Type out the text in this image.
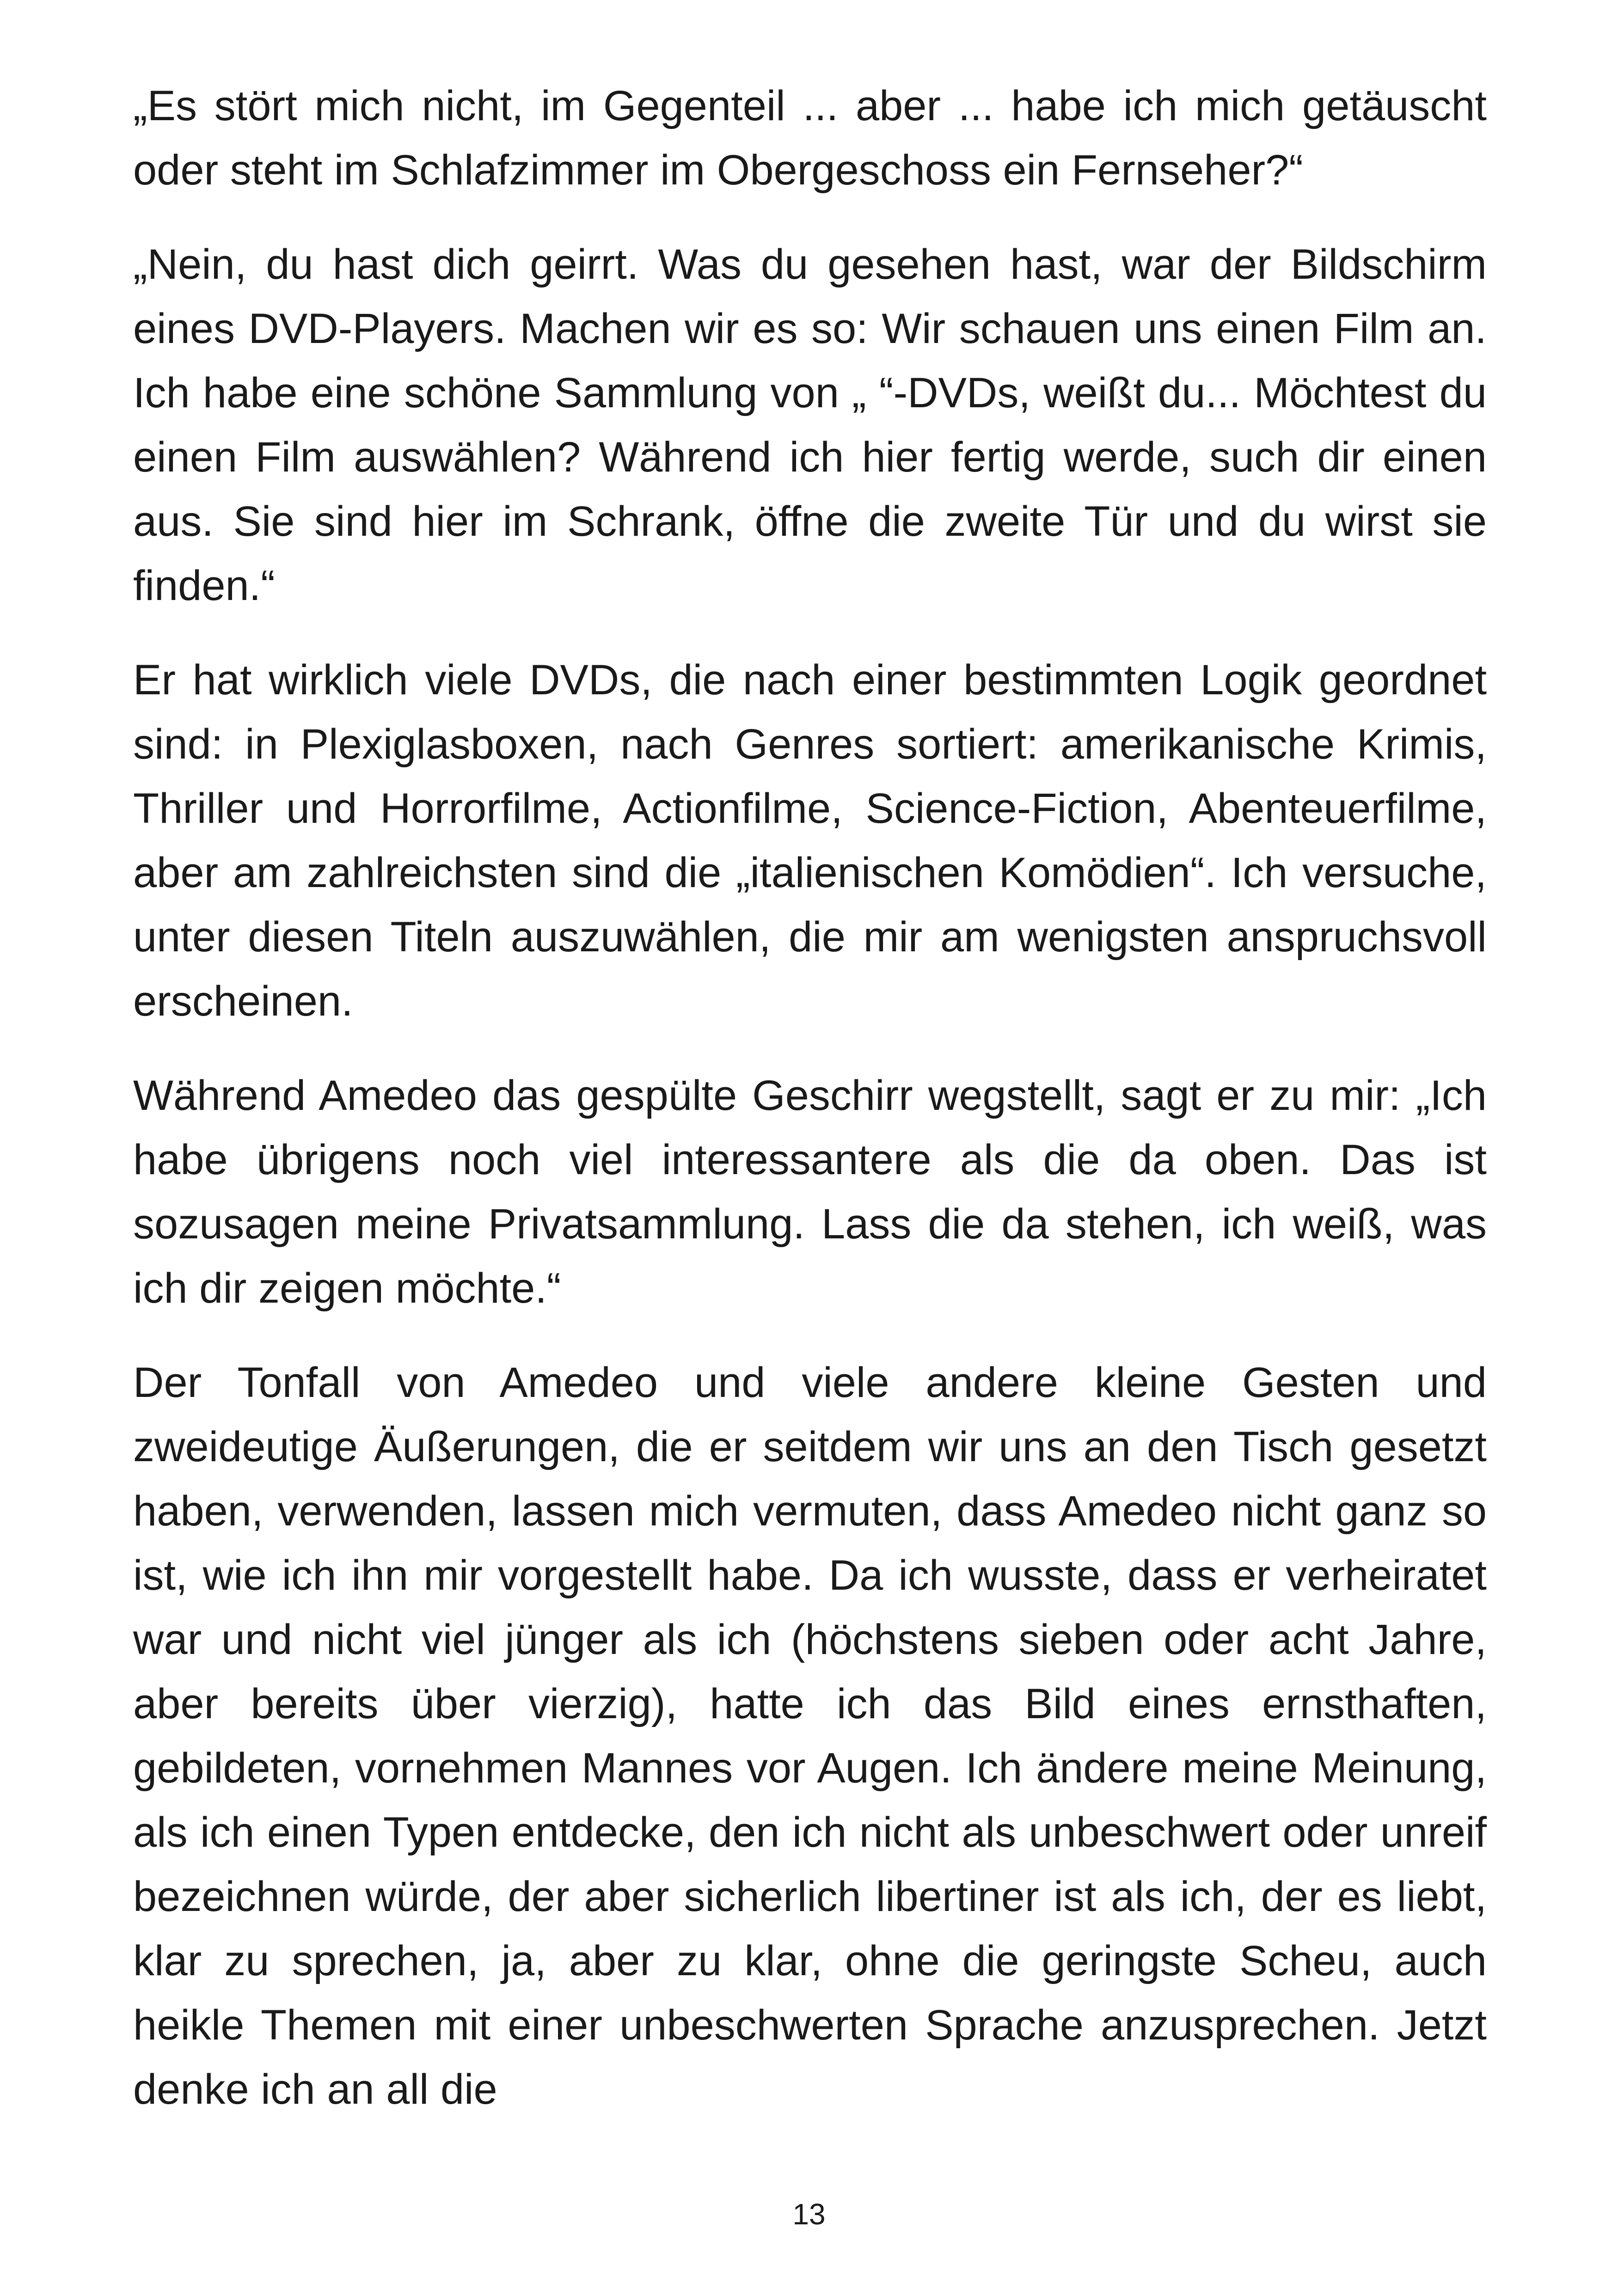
„Es stört mich nicht, im Gegenteil ... aber ... habe ich mich getäuscht oder steht im Schlafzimmer im Obergeschoss ein Fernseher?“

„Nein, du hast dich geirrt. Was du gesehen hast, war der Bildschirm eines DVD-Players. Machen wir es so: Wir schauen uns einen Film an. Ich habe eine schöne Sammlung von „ “-DVDs, weißt du... Möchtest du einen Film auswählen? Während ich hier fertig werde, such dir einen aus. Sie sind hier im Schrank, öffne die zweite Tür und du wirst sie finden.“

Er hat wirklich viele DVDs, die nach einer bestimmten Logik geordnet sind: in Plexiglasboxen, nach Genres sortiert: amerikanische Krimis, Thriller und Horrorfilme, Actionfilme, Science-Fiction, Abenteuerfilme, aber am zahlreichsten sind die „italienischen Komödien“. Ich versuche, unter diesen Titeln auszuwählen, die mir am wenigsten anspruchsvoll erscheinen.

Während Amedeo das gespülte Geschirr wegstellt, sagt er zu mir: „Ich habe übrigens noch viel interessantere als die da oben. Das ist sozusagen meine Privatsammlung. Lass die da stehen, ich weiß, was ich dir zeigen möchte.“

Der Tonfall von Amedeo und viele andere kleine Gesten und zweideutige Äußerungen, die er seitdem wir uns an den Tisch gesetzt haben, verwenden, lassen mich vermuten, dass Amedeo nicht ganz so ist, wie ich ihn mir vorgestellt habe. Da ich wusste, dass er verheiratet war und nicht viel jünger als ich (höchstens sieben oder acht Jahre, aber bereits über vierzig), hatte ich das Bild eines ernsthaften, gebildeten, vornehmen Mannes vor Augen. Ich ändere meine Meinung, als ich einen Typen entdecke, den ich nicht als unbeschwert oder unreif bezeichnen würde, der aber sicherlich libertiner ist als ich, der es liebt, klar zu sprechen, ja, aber zu klar, ohne die geringste Scheu, auch heikle Themen mit einer unbeschwerten Sprache anzusprechen. Jetzt denke ich an all die

13
